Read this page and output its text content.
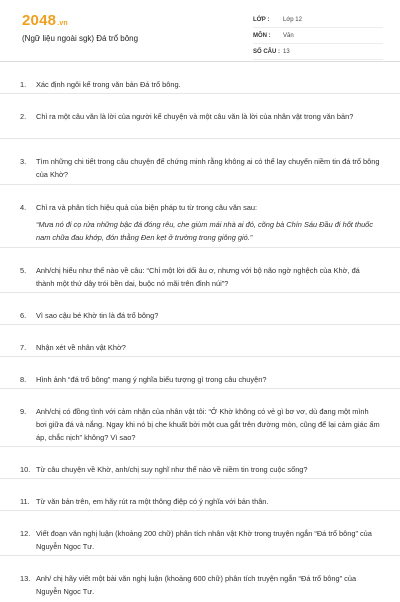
2048.vn
(Ngữ liệu ngoài sgk) Đá trổ bông
LỚP :	Lớp 12
MÔN :	Văn
SỐ CÂU : 13
1. Xác định ngôi kể trong văn bản Đá trổ bông.
2. Chỉ ra một câu văn là lời của người kể chuyện và một câu văn là lời của nhân vật trong văn bản?
3. Tìm những chi tiết trong câu chuyện để chứng minh rằng không ai có thể lay chuyển niềm tin đá trổ bông của Khờ?
4. Chỉ ra và phân tích hiệu quả của biện pháp tu từ trong câu văn sau:
“Mưa nó đi cọ rửa những bậc đá đóng rêu, che giùm mái nhà ai đó, cõng bà Chín Sáu Đầu đi hốt thuốc nam chữa đau khớp, đón thằng Đen kẹt ở trường trong giông gió.”
5. Anh/chị hiểu như thế nào về câu: “Chỉ một lời dối âu ơ, nhưng với bộ não ngờ nghệch của Khờ, đá thành một thứ dây trói bền dai, buộc nó mãi trên đỉnh núi”?
6. Vì sao cậu bé Khờ tin là đá trổ bông?
7. Nhận xét về nhân vật Khờ?
8. Hình ảnh “đá trổ bông” mang ý nghĩa biểu tượng gì trong câu chuyện?
9. Anh/chị có đồng tình với cảm nhận của nhân vật tôi: “Ở Khờ không có vẻ gì bơ vơ, dù đang một mình bơi giữa đá và nắng. Ngay khi nó bị che khuất bởi một cua gắt trên đường mòn, cũng để lại cảm giác ấm áp, chắc nịch” không? Vì sao?
10. Từ câu chuyện về Khờ, anh/chị suy nghĩ như thế nào về niềm tin trong cuộc sống?
11. Từ văn bản trên, em hãy rút ra một thông điệp có ý nghĩa với bản thân.
12. Viết đoạn văn nghị luận (khoảng 200 chữ) phân tích nhân vật Khờ trong truyện ngắn “Đá trổ bông” của Nguyễn Ngọc Tư.
13. Anh/ chị hãy viết một bài văn nghị luận (khoảng 600 chữ) phân tích truyện ngắn “Đá trổ bông” của Nguyễn Ngọc Tư.
